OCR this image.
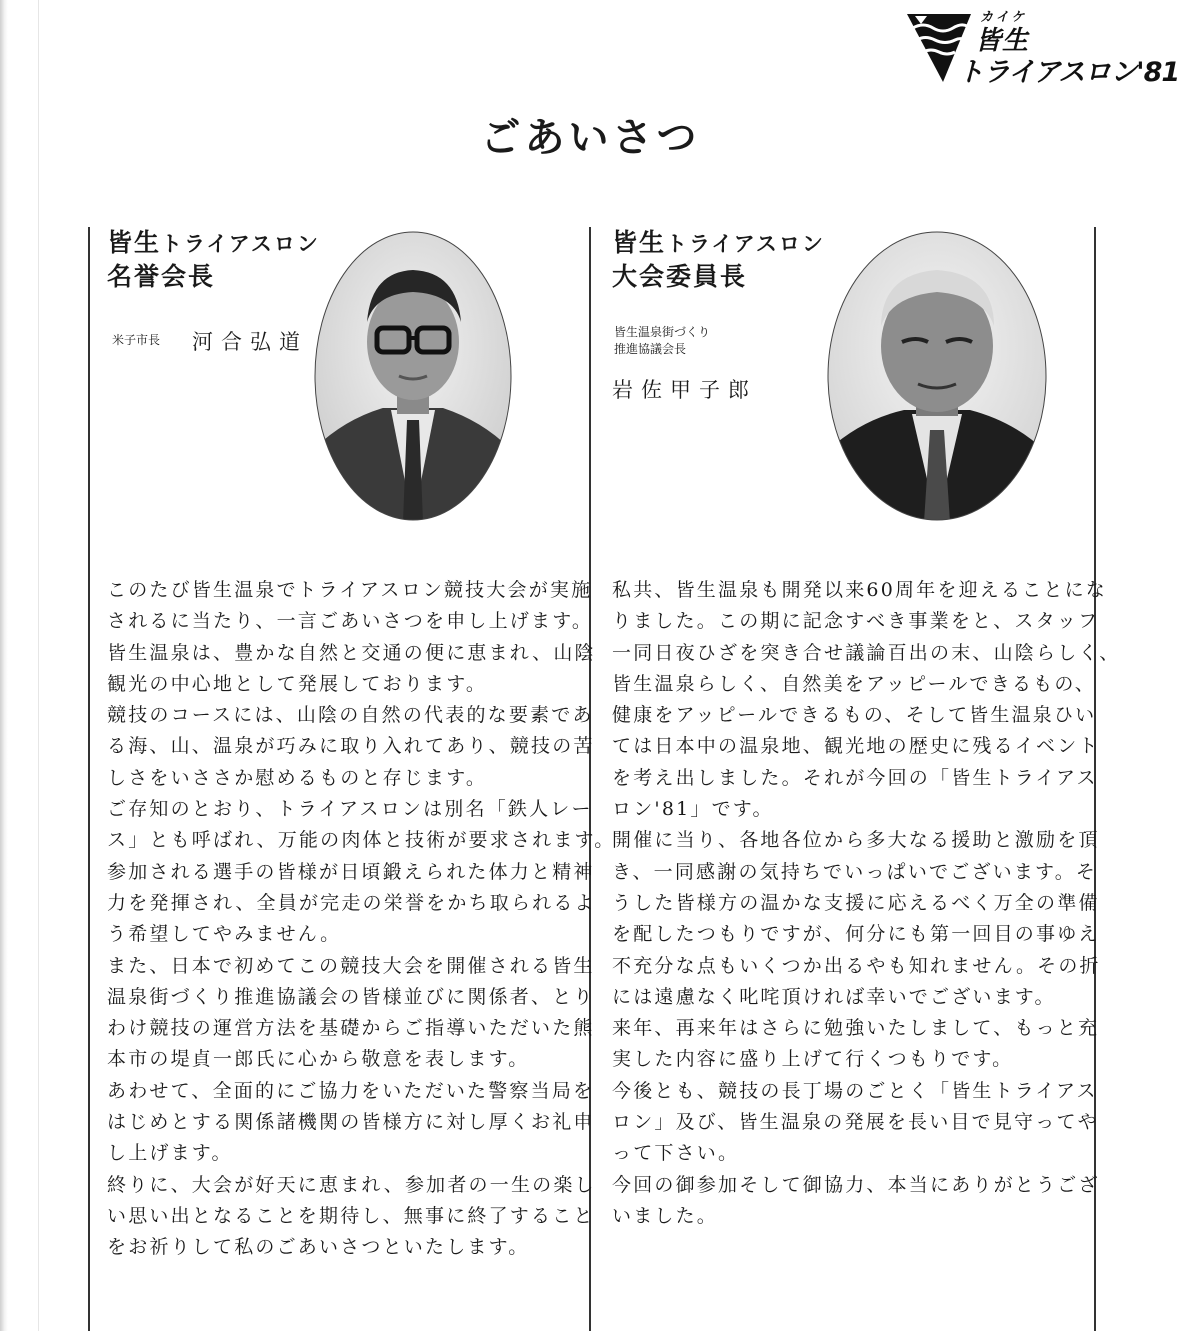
カイケ
皆生
トライアスロン'81
ごあいさつ
皆生トライアスロン
名誉会長
米子市長 河合弘道

このたび皆生温泉でトライアスロン競技大会が実施

されるに当たり、一言ごあいさつを申し上げます。

皆生温泉は、豊かな自然と交通の便に恵まれ、山陰

観光の中心地として発展しております。

競技のコースには、山陰の自然の代表的な要素であ

る海、山、温泉が巧みに取り入れてあり、競技の苦

しさをいささか慰めるものと存じます。

ご存知のとおり、トライアスロンは別名「鉄人レー

ス」とも呼ばれ、万能の肉体と技術が要求されます。

参加される選手の皆様が日頃鍛えられた体力と精神

力を発揮され、全員が完走の栄誉をかち取られるよ

う希望してやみません。

また、日本で初めてこの競技大会を開催される皆生

温泉街づくり推進協議会の皆様並びに関係者、とり

わけ競技の運営方法を基礎からご指導いただいた熊

本市の堤貞一郎氏に心から敬意を表します。

あわせて、全面的にご協力をいただいた警察当局を

はじめとする関係諸機関の皆様方に対し厚くお礼申

し上げます。

終りに、大会が好天に恵まれ、参加者の一生の楽し

い思い出となることを期待し、無事に終了すること

をお祈りして私のごあいさつといたします。

皆生トライアスロン
大会委員長
皆生温泉街づくり
推進協議会長
岩佐甲子郎

私共、皆生温泉も開発以来60周年を迎えることにな

りました。この期に記念すべき事業をと、スタッフ

一同日夜ひざを突き合せ議論百出の末、山陰らしく、

皆生温泉らしく、自然美をアッピールできるもの、

健康をアッピールできるもの、そして皆生温泉ひい

ては日本中の温泉地、観光地の歴史に残るイベント

を考え出しました。それが今回の「皆生トライアス

ロン'81」です。

開催に当り、各地各位から多大なる援助と激励を頂

き、一同感謝の気持ちでいっぱいでございます。そ

うした皆様方の温かな支援に応えるべく万全の準備

を配したつもりですが、何分にも第一回目の事ゆえ

不充分な点もいくつか出るやも知れません。その折

には遠慮なく叱咤頂ければ幸いでございます。

来年、再来年はさらに勉強いたしまして、もっと充

実した内容に盛り上げて行くつもりです。

今後とも、競技の長丁場のごとく「皆生トライアス

ロン」及び、皆生温泉の発展を長い目で見守ってや

って下さい。

今回の御参加そして御協力、本当にありがとうござ

いました。
